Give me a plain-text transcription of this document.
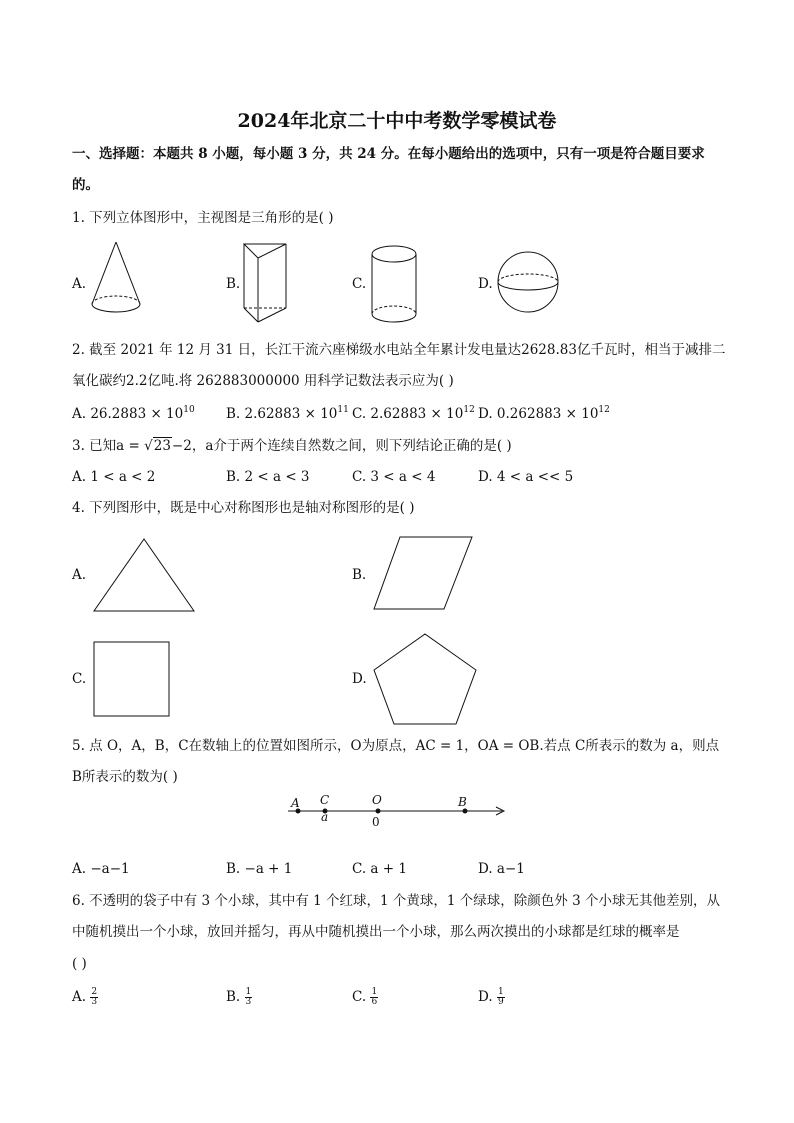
2024年北京二十中中考数学零模试卷
一、选择题：本题共 8 小题，每小题 3 分，共 24 分。在每小题给出的选项中，只有一项是符合题目要求
的。
1. 下列立体图形中，主视图是三角形的是( )
A.	B.	C.	D.
2. 截至 2021 年 12 月 31 日，长江干流六座梯级水电站全年累计发电量达2628.83亿千瓦时，相当于减排二
氧化碳约2.2亿吨.将 262883000000 用科学记数法表示应为( )
A. $26.2883 \times 10^{10}$ B. $2.62883 \times 10^{11}$ C. $2.62883 \times 10^{12}$ D. $0.262883 \times 10^{12}$
3. 已知a = √23−2，a介于两个连续自然数之间，则下列结论正确的是( )
A. 1 < a < 2	B. 2 < a < 3	C. 3 < a < 4	D. 4 < a << 5
4. 下列图形中，既是中心对称图形也是轴对称图形的是( )
A.	B.
C.	D.
5. 点 O，A，B，C在数轴上的位置如图所示，O为原点，AC = 1，OA = OB.若点 C所表示的数为 a，则点
B所表示的数为( )
A C	O	B
a	0
A. −a−1	B. −a + 1	C. a + 1	D. a−1
6. 不透明的袋子中有 3 个小球，其中有 1 个红球，1 个黄球，1 个绿球，除颜色外 3 个小球无其他差别，从
中随机摸出一个小球，放回并摇匀，再从中随机摸出一个小球，那么两次摸出的小球都是红球的概率是
( )
A. $\frac{2}{3}$	B. $\frac{1}{3}$	C. $\frac{1}{6}$	D. $\frac{1}{9}$
